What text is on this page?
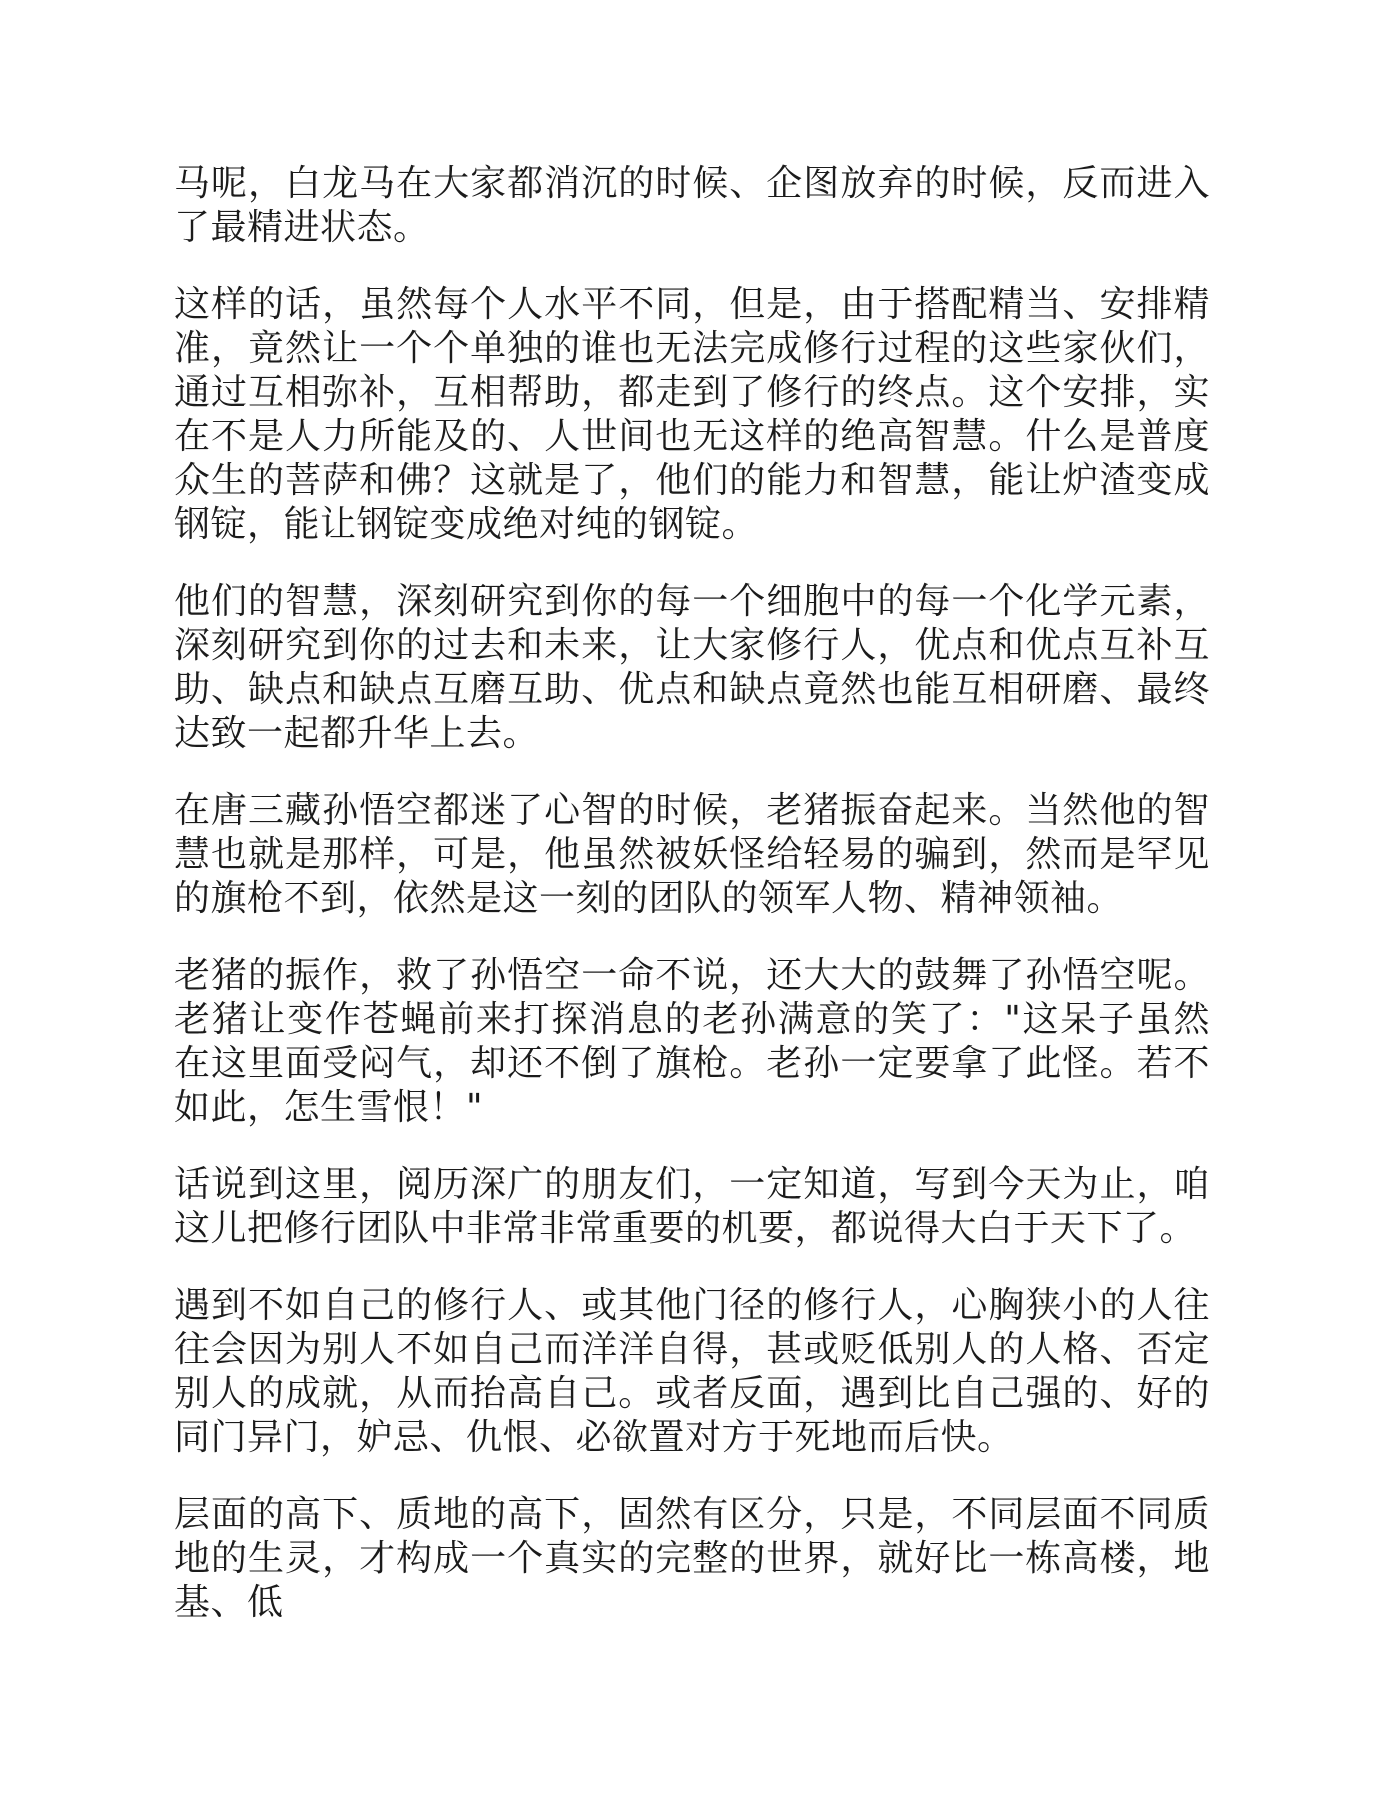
马呢，白龙马在大家都消沉的时候、企图放弃的时候，反而进入了最精进状态。

这样的话，虽然每个人水平不同，但是，由于搭配精当、安排精准，竟然让一个个单独的谁也无法完成修行过程的这些家伙们，通过互相弥补，互相帮助，都走到了修行的终点。这个安排，实在不是人力所能及的、人世间也无这样的绝高智慧。什么是普度众生的菩萨和佛？这就是了，他们的能力和智慧，能让炉渣变成钢锭，能让钢锭变成绝对纯的钢锭。

他们的智慧，深刻研究到你的每一个细胞中的每一个化学元素，深刻研究到你的过去和未来，让大家修行人，优点和优点互补互助、缺点和缺点互磨互助、优点和缺点竟然也能互相研磨、最终达致一起都升华上去。

在唐三藏孙悟空都迷了心智的时候，老猪振奋起来。当然他的智慧也就是那样，可是，他虽然被妖怪给轻易的骗到，然而是罕见的旗枪不到，依然是这一刻的团队的领军人物、精神领袖。

老猪的振作，救了孙悟空一命不说，还大大的鼓舞了孙悟空呢。老猪让变作苍蝇前来打探消息的老孙满意的笑了："这呆子虽然在这里面受闷气，却还不倒了旗枪。老孙一定要拿了此怪。若不如此，怎生雪恨！"

话说到这里，阅历深广的朋友们，一定知道，写到今天为止，咱这儿把修行团队中非常非常重要的机要，都说得大白于天下了。

遇到不如自己的修行人、或其他门径的修行人，心胸狭小的人往往会因为别人不如自己而洋洋自得，甚或贬低别人的人格、否定别人的成就，从而抬高自己。或者反面，遇到比自己强的、好的同门异门，妒忌、仇恨、必欲置对方于死地而后快。

层面的高下、质地的高下，固然有区分，只是，不同层面不同质地的生灵，才构成一个真实的完整的世界，就好比一栋高楼，地基、低
